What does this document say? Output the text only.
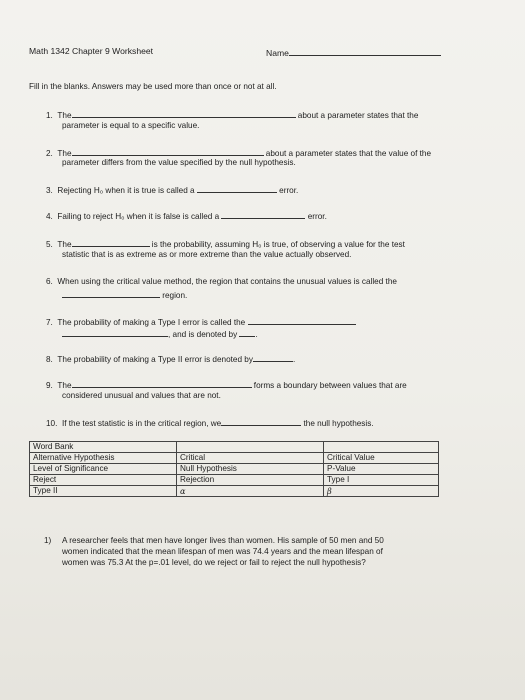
Math 1342 Chapter 9 Worksheet	Name
Fill in the blanks. Answers may be used more than once or not at all.
1. The	about a parameter states that the
parameter is equal to a specific value.
2. The	about a parameter states that the value of the
parameter differs from the value specified by the null hypothesis.
3. Rejecting H₀ when it is true is called a	error.
4. Failing to reject H₀ when it is false is called a	error.
5. The	is the probability, assuming H₀ is true, of observing a value for the test
statistic that is as extreme as or more extreme than the value actually observed.
6. When using the critical value method, the region that contains the unusual values is called the
region.
7. The probability of making a Type I error is called the
, and is denoted by .
8. The probability of making a Type II error is denoted by	.
9. The	forms a boundary between values that are
considered unusual and values that are not.
10. If the test statistic is in the critical region, we	the null hypothesis.
Word Bank		
Alternative Hypothesis	Critical	Critical Value
Level of Significance	Null Hypothesis	P-Value
Reject	Rejection	Type I
Type II	α	β
1) A researcher feels that men have longer lives than women. His sample of 50 men and 50
women indicated that the mean lifespan of men was 74.4 years and the mean lifespan of
women was 75.3 At the p=.01 level, do we reject or fail to reject the null hypothesis?
